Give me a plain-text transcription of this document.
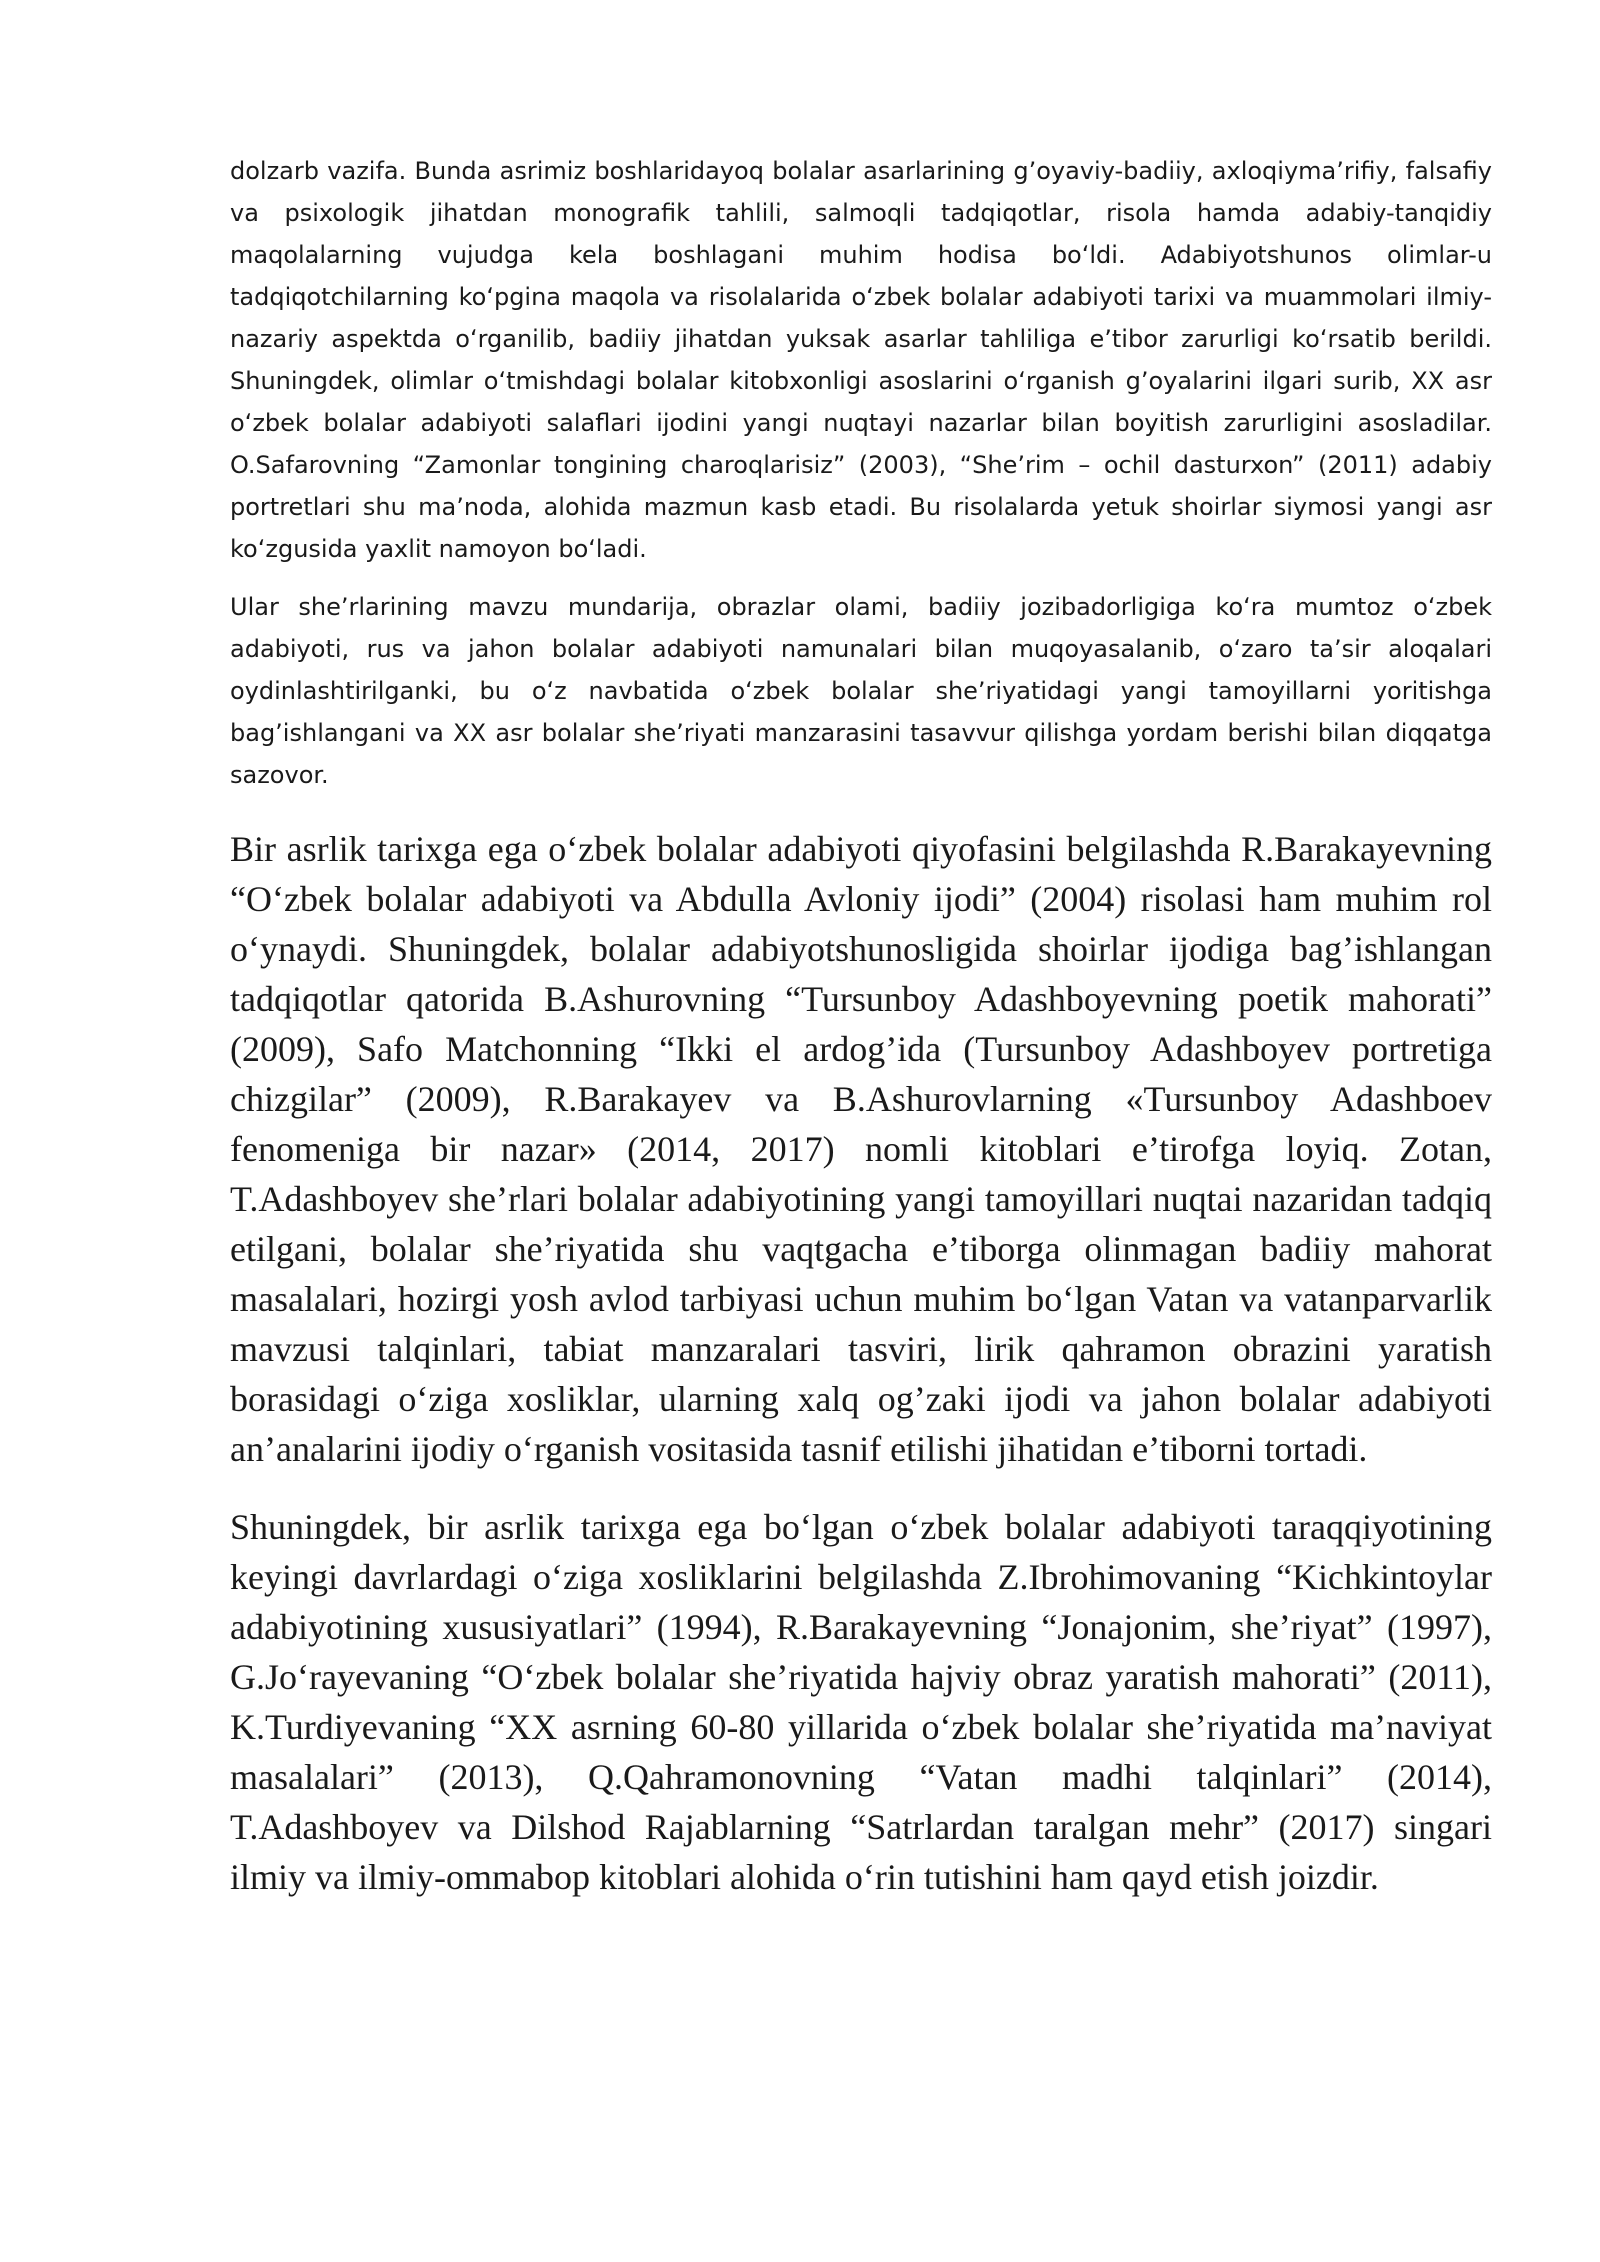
dolzarb vazifa. Bunda asrimiz boshlaridayoq bolalar asarlarining g’oyaviy-badiiy, axloqiyma’rifiy, falsafiy va psixologik jihatdan monografik tahlili, salmoqli tadqiqotlar, risola hamda adabiy-tanqidiy maqolalarning vujudga kela boshlagani muhim hodisa boʻldi. Adabiyotshunos olimlar-u tadqiqotchilarning koʻpgina maqola va risolalarida oʻzbek bolalar adabiyoti tarixi va muammolari ilmiy-nazariy aspektda oʻrganilib, badiiy jihatdan yuksak asarlar tahliliga e’tibor zarurligi koʻrsatib berildi. Shuningdek, olimlar oʻtmishdagi bolalar kitobxonligi asoslarini oʻrganish g’oyalarini ilgari surib, XX asr oʻzbek bolalar adabiyoti salaflari ijodini yangi nuqtayi nazarlar bilan boyitish zarurligini asosladilar. O.Safarovning “Zamonlar tongining charoqlarisiz” (2003), “She’rim – ochil dasturxon” (2011) adabiy portretlari shu ma’noda, alohida mazmun kasb etadi. Bu risolalarda yetuk shoirlar siymosi yangi asr koʻzgusida yaxlit namoyon boʻladi.

Ular she’rlarining mavzu mundarija, obrazlar olami, badiiy jozibadorligiga koʻra mumtoz oʻzbek adabiyoti, rus va jahon bolalar adabiyoti namunalari bilan muqoyasalanib, oʻzaro ta’sir aloqalari oydinlashtirilganki, bu oʻz navbatida oʻzbek bolalar she’riyatidagi yangi tamoyillarni yoritishga bag’ishlangani va XX asr bolalar she’riyati manzarasini tasavvur qilishga yordam berishi bilan diqqatga sazovor.

Bir asrlik tarixga ega oʻzbek bolalar adabiyoti qiyofasini belgilashda R.Barakayevning “Oʻzbek bolalar adabiyoti va Abdulla Avloniy ijodi” (2004) risolasi ham muhim rol oʻynaydi. Shuningdek, bolalar adabiyotshunosligida shoirlar ijodiga bag’ishlangan tadqiqotlar qatorida B.Ashurovning “Tursunboy Adashboyevning poetik mahorati” (2009), Safo Matchonning “Ikki el ardog’ida (Tursunboy Adashboyev portretiga chizgilar” (2009), R.Barakayev va B.Ashurovlarning «Tursunboy Adashboev fenomeniga bir nazar» (2014, 2017) nomli kitoblari e’tirofga loyiq. Zotan, T.Adashboyev she’rlari bolalar adabiyotining yangi tamoyillari nuqtai nazaridan tadqiq etilgani, bolalar she’riyatida shu vaqtgacha e’tiborga olinmagan badiiy mahorat masalalari, hozirgi yosh avlod tarbiyasi uchun muhim boʻlgan Vatan va vatanparvarlik mavzusi talqinlari, tabiat manzaralari tasviri, lirik qahramon obrazini yaratish borasidagi oʻziga xosliklar, ularning xalq og’zaki ijodi va jahon bolalar adabiyoti an’analarini ijodiy oʻrganish vositasida tasnif etilishi jihatidan e’tiborni tortadi.

Shuningdek, bir asrlik tarixga ega boʻlgan oʻzbek bolalar adabiyoti taraqqiyotining keyingi davrlardagi oʻziga xosliklarini belgilashda Z.Ibrohimovaning “Kichkintoylar adabiyotining xususiyatlari” (1994), R.Barakayevning “Jonajonim, she’riyat” (1997), G.Joʻrayevaning “Oʻzbek bolalar she’riyatida hajviy obraz yaratish mahorati” (2011), K.Turdiyevaning “XX asrning 60-80 yillarida oʻzbek bolalar she’riyatida ma’naviyat masalalari” (2013), Q.Qahramonovning “Vatan madhi talqinlari” (2014), T.Adashboyev va Dilshod Rajablarning “Satrlardan taralgan mehr” (2017) singari ilmiy va ilmiy-ommabop kitoblari alohida oʻrin tutishini ham qayd etish joizdir.
